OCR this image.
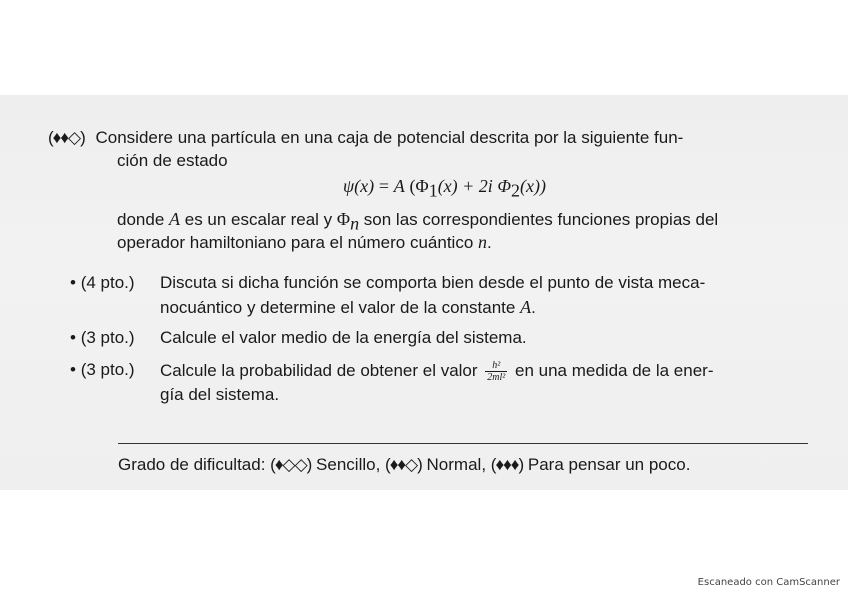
(♦♦◇) Considere una partícula en una caja de potencial descrita por la siguiente fun-
ción de estado
ψ(x) = A ($\Phi_1(x) + 2i$ $\Phi_2(x)$)
donde A es un escalar real y $\Phi_n$ son las correspondientes funciones propias del
operador hamiltoniano para el número cuántico n.
• (4 pto.) Discuta si dicha función se comporta bien desde el punto de vista meca-
nocuántico y determine el valor de la constante A.
• (3 pto.) Calcule el valor medio de la energía del sistema.
• (3 pto.) Calcule la probabilidad de obtener el valor $\frac{\text{h²}}{\text{2ml²}}$ en una medida de la ener-
gía del sistema.
Grado de dificultad: (♦◇◇) Sencillo, (♦♦◇) Normal, (♦♦♦) Para pensar un poco.
Escaneado con CamScanner
